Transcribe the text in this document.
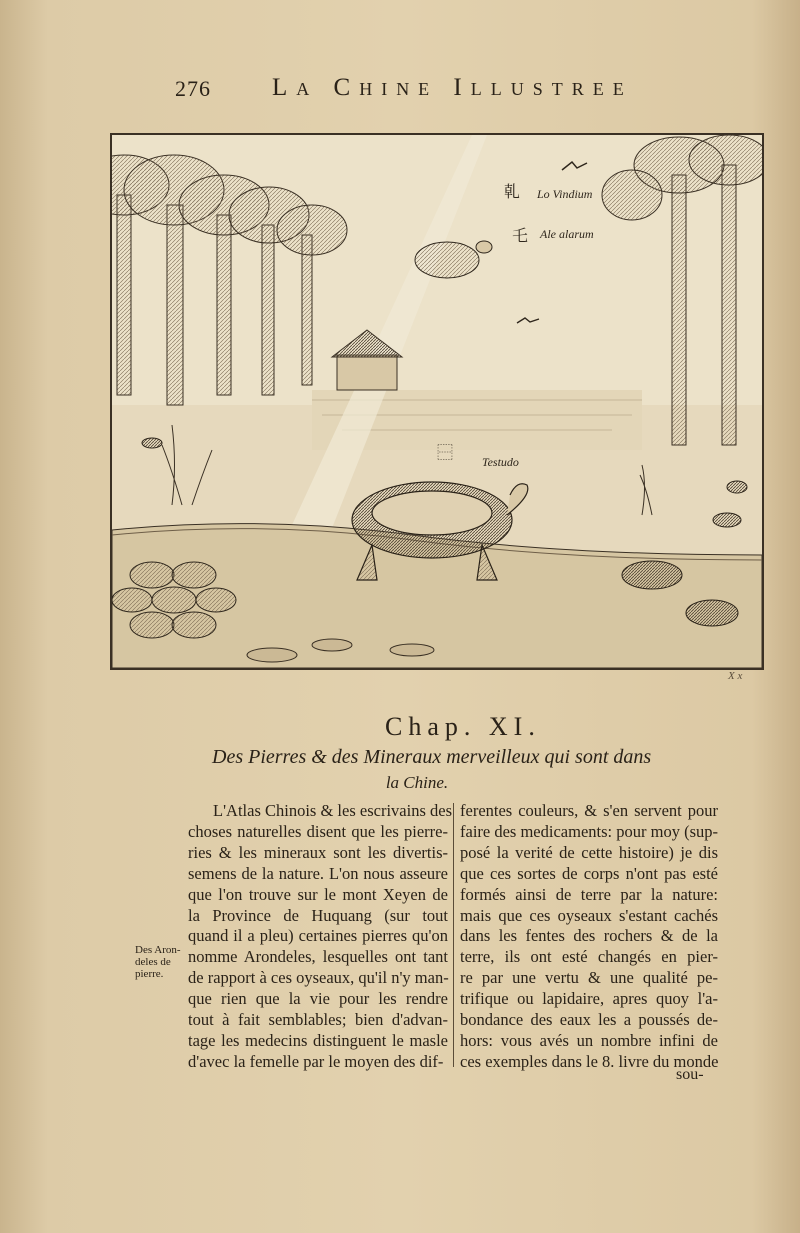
276 La Chine Illustree
Lo Vindium
Ale alarum
Testudo
乹
乇
⿱
X x
Chap. XI.
Des Pierres & des Mineraux merveilleux qui sont dans
la Chine.
L'Atlas Chinois & les escrivains des
choses naturelles disent que les pierre-
ries & les mineraux sont les divertis-
semens de la nature. L'on nous asseure
que l'on trouve sur le mont Xeyen de
la Province de Huquang (sur tout
quand il a pleu) certaines pierres qu'on
nomme Arondeles, lesquelles ont tant
de rapport à ces oyseaux, qu'il n'y man-
que rien que la vie pour les rendre
tout à fait semblables; bien d'advan-
tage les medecins distinguent le masle
d'avec la femelle par le moyen des dif-
ferentes couleurs, & s'en servent pour
faire des medicaments: pour moy (sup-
posé la verité de cette histoire) je dis
que ces sortes de corps n'ont pas esté
formés ainsi de terre par la nature:
mais que ces oyseaux s'estant cachés
dans les fentes des rochers & de la
terre, ils ont esté changés en pier-
re par une vertu & une qualité pe-
trifique ou lapidaire, apres quoy l'a-
bondance des eaux les a poussés de-
hors: vous avés un nombre infini de
ces exemples dans le 8. livre du monde
Des Aron-
deles de
pierre.
sou-
